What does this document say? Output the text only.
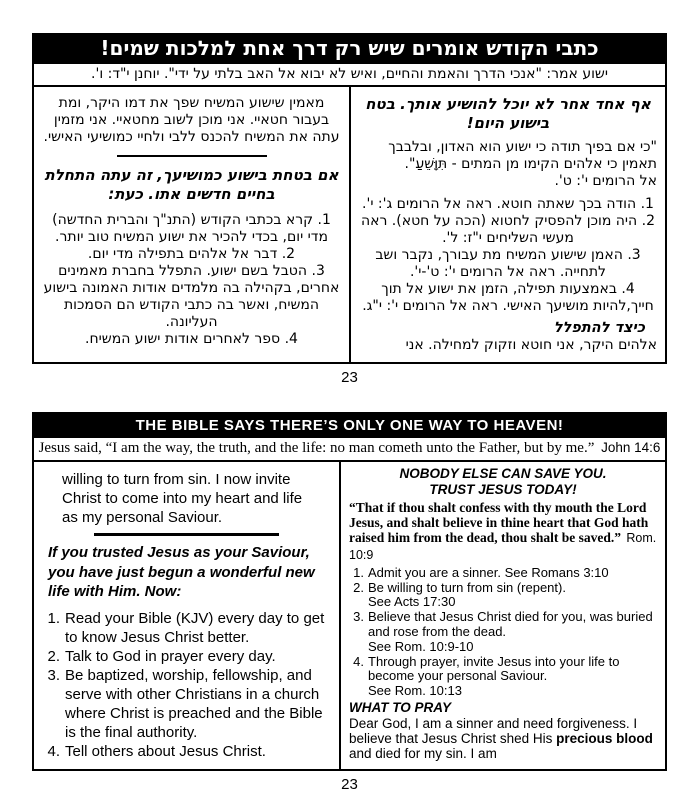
כתבי הקודש אומרים שיש רק דרך אחת למלכות שמים!
ישוע אמר: "אנכי הדרך והאמת והחיים, ואיש לא יבוא אל האב בלתי על ידי". יוחנן י"ד: ו'.
אף אחד אחר לא יוכל להושיע אותך. בטח בישוע היום!

"כי אם בפיך תודה כי ישוע הוא האדון, ובלבבך תאמין כי אלהים הקימו מן המתים - תִּוָּשֵׁעַ".
אל הרומים י': ט'.

1. הודה בכך שאתה חוטא. ראה אל הרומים ג': י'.
2. היה מוכן להפסיק לחטוא (הכה על חטא). ראה מעשי השליחים י"ז: ל'.
3. האמן שישוע המשיח מת עבורך, נקבר ושב לתחייה. ראה אל הרומים י': ט'-י'.
4. באמצעות תפילה, הזמן את ישוע אל תוך חייך,להיות מושיעך האישי. ראה אל הרומים י': י"ג.
כיצד להתפלל

אלהים היקר, אני חוטא וזקוק למחילה. אני

מאמין שישוע המשיח שפך את דמו היקר, ומת בעבור חטאיי. אני מוכן לשוב מחטאיי. אני מזמין עתה את המשיח להכנס ללבי ולחיי כמושיעי האישי.

אם בטחת בישוע כמושיעך, זה עתה התחלת בחיים חדשים אתו. כעת:
1. קרא בכתבי הקודש (התנ"ך והברית החדשה) מדי יום, בכדי להכיר את ישוע המשיח טוב יותר.
2. דבר אל אלהים בתפילה מדי יום.
3. הטבל בשם ישוע. התפלל בחברת מאמינים אחרים, בקהילה בה מלמדים אודות האמונה בישוע המשיח, ואשר בה כתבי הקודש הם הסמכות העליונה.
4. ספר לאחרים אודות ישוע המשיח.
23
THE BIBLE SAYS THERE’S ONLY ONE WAY TO HEAVEN!
Jesus said, “I am the way, the truth, and the life: no man cometh unto the Father, but by me.” John 14:6

willing to turn from sin. I now invite Christ to come into my heart and life as my personal Saviour.

If you trusted Jesus as your Saviour, you have just begun a wonderful new life with Him. Now:
1. Read your Bible (KJV) every day to get to know Jesus Christ better.
2. Talk to God in prayer every day.
3. Be baptized, worship, fellowship, and serve with other Christians in a church where Christ is preached and the Bible is the final authority.
4. Tell others about Jesus Christ.
NOBODY ELSE CAN SAVE YOU.
TRUST JESUS TODAY!

“That if thou shalt confess with thy mouth the Lord Jesus, and shalt believe in thine heart that God hath raised him from the dead, thou shalt be saved.” Rom. 10:9

1. Admit you are a sinner. See Romans 3:10
2. Be willing to turn from sin (repent).
See Acts 17:30
3. Believe that Jesus Christ died for you, was buried and rose from the dead.
See Rom. 10:9-10
4. Through prayer, invite Jesus into your life to become your personal Saviour.
See Rom. 10:13
WHAT TO PRAY

Dear God, I am a sinner and need forgiveness. I believe that Jesus Christ shed His precious blood and died for my sin. I am

23
